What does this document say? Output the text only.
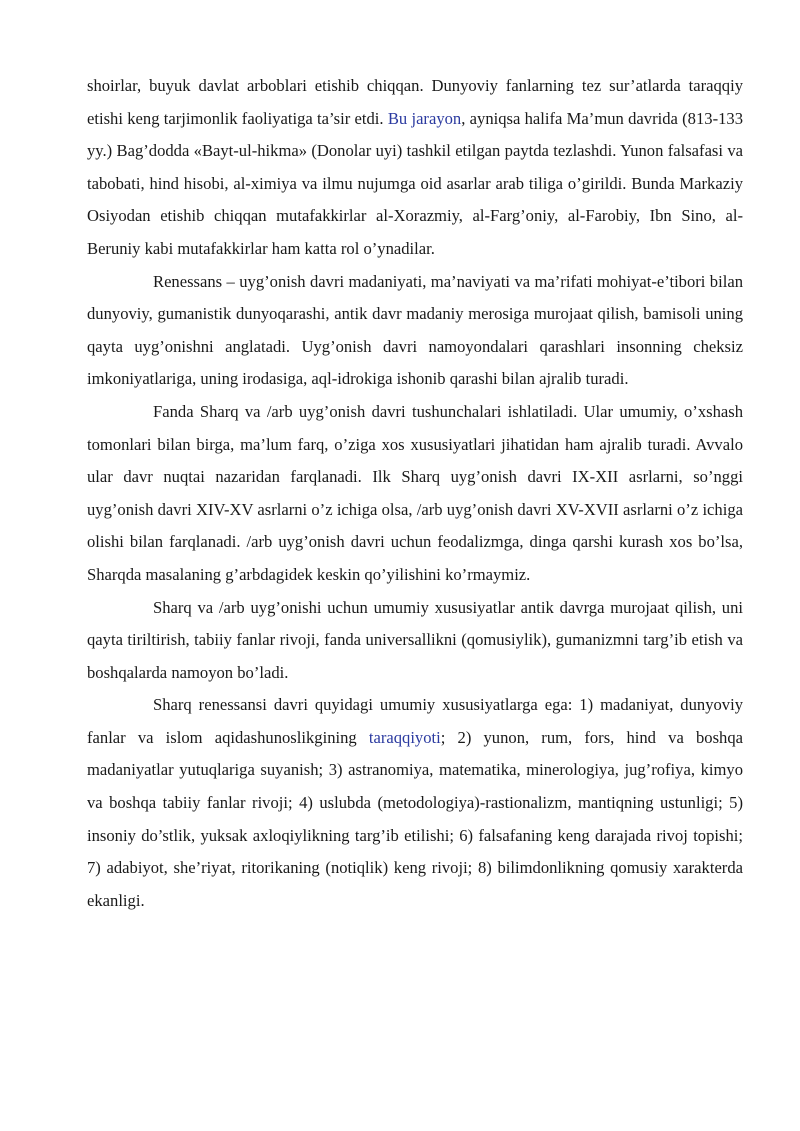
shoirlar, buyuk davlat arboblari etishib chiqqan. Dunyoviy fanlarning tez sur’atlarda taraqqiy etishi keng tarjimonlik faoliyatiga ta’sir etdi. Bu jarayon, ayniqsa halifa Ma’mun davrida (813-133 yy.) Bag’dodda «Bayt-ul-hikma» (Donolar uyi) tashkil etilgan paytda tezlashdi. Yunon falsafasi va tabobati, hind hisobi, al-ximiya va ilmu nujumga oid asarlar arab tiliga o’girildi. Bunda Markaziy Osiyodan etishib chiqqan mutafakkirlar al-Xorazmiy, al-Farg’oniy, al-Farobiy, Ibn Sino, al-Beruniy kabi mutafakkirlar ham katta rol o’ynadilar.

Renessans – uyg’onish davri madaniyati, ma’naviyati va ma’rifati mohiyat-e’tibori bilan dunyoviy, gumanistik dunyoqarashi, antik davr madaniy merosiga murojaat qilish, bamisoli uning qayta uyg’onishni anglatadi. Uyg’onish davri namoyondalari qarashlari insonning cheksiz imkoniyatlariga, uning irodasiga, aql-idrokiga ishonib qarashi bilan ajralib turadi.

Fanda Sharq va /arb uyg’onish davri tushunchalari ishlatiladi. Ular umumiy, o’xshash tomonlari bilan birga, ma’lum farq, o’ziga xos xususiyatlari jihatidan ham ajralib turadi. Avvalo ular davr nuqtai nazaridan farqlanadi. Ilk Sharq uyg’onish davri IX-XII asrlarni, so’nggi uyg’onish davri XIV-XV asrlarni o’z ichiga olsa, /arb uyg’onish davri XV-XVII asrlarni o’z ichiga olishi bilan farqlanadi. /arb uyg’onish davri uchun feodalizmga, dinga qarshi kurash xos bo’lsa, Sharqda masalaning g’arbdagidek keskin qo’yilishini ko’rmaymiz.

Sharq va /arb uyg’onishi uchun umumiy xususiyatlar antik davrga murojaat qilish, uni qayta tiriltirish, tabiiy fanlar rivoji, fanda universallikni (qomusiylik), gumanizmni targ’ib etish va boshqalarda namoyon bo’ladi.

Sharq renessansi davri quyidagi umumiy xususiyatlarga ega: 1) madaniyat, dunyoviy fanlar va islom aqidashunoslikgining taraqqiyoti; 2) yunon, rum, fors, hind va boshqa madaniyatlar yutuqlariga suyanish; 3) astranomiya, matematika, minerologiya, jug’rofiya, kimyo va boshqa tabiiy fanlar rivoji; 4) uslubda (metodologiya)-rastionalizm, mantiqning ustunligi; 5) insoniy do’stlik, yuksak axloqiylikning targ’ib etilishi; 6) falsafaning keng darajada rivoj topishi; 7) adabiyot, she’riyat, ritorikaning (notiqlik) keng rivoji; 8) bilimdonlikning qomusiy xarakterda ekanligi.
